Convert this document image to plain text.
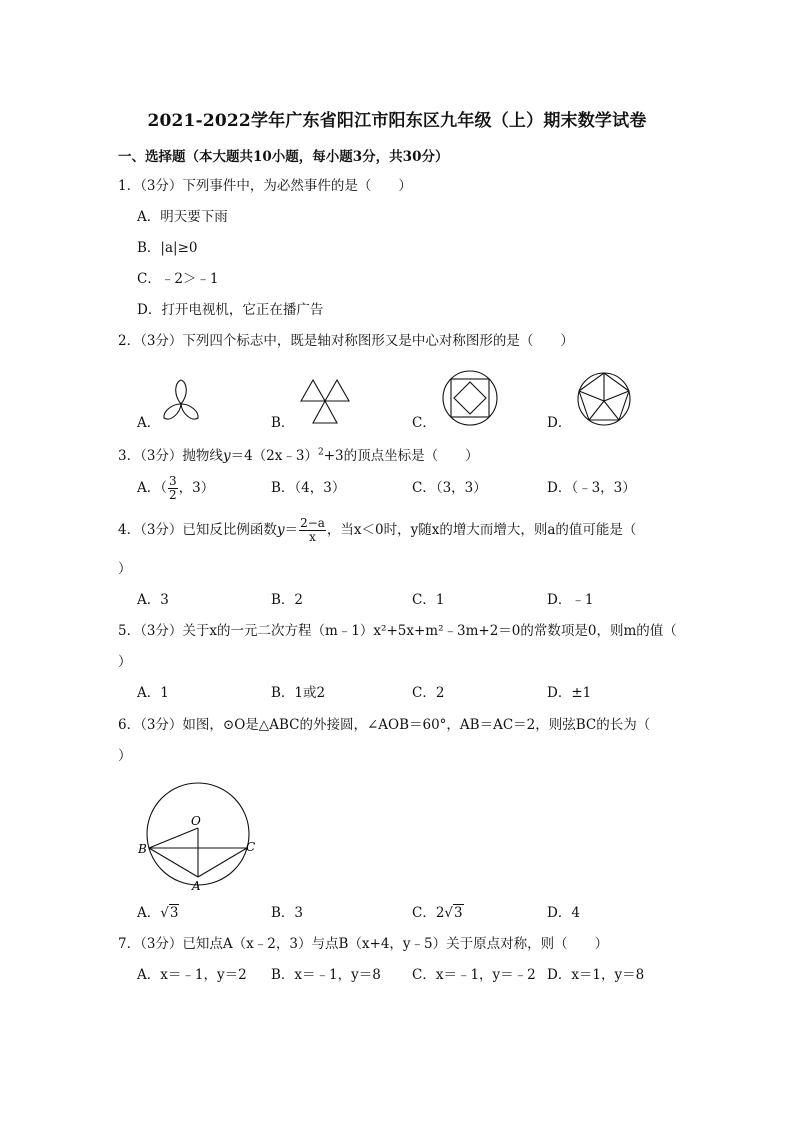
2021-2022学年广东省阳江市阳东区九年级（上）期末数学试卷
一、选择题（本大题共10小题，每小题3分，共30分）
1．（3分）下列事件中，为必然事件的是（　　）
A．明天要下雨
B．|a|≥0
C．﹣2＞﹣1
D．打开电视机，它正在播广告
2．（3分）下列四个标志中，既是轴对称图形又是中心对称图形的是（　　）
A．	B．	C．	D．
3．（3分）抛物线y＝4（2x﹣3）$^2$+3的顶点坐标是（　　）
A．（ $\frac{3}{2}$ ，3）	B．（4，3）	C．（3，3）	D．（﹣3，3）
4．（3分）已知反比例函数$y= \frac{2-a}{x}$ ，当x＜0时，y随x的增大而增大，则a的值可能是（
）
A．3	B．2	C．1	D．﹣1
5．（3分）关于x的一元二次方程（m﹣1）x²+5x+m²﹣3m+2＝0的常数项是0，则m的值（
）
A．1	B．1或2	C．2	D．±1
6．（3分）如图，⊙O是△ABC的外接圆，∠AOB＝60°，AB＝AC＝2，则弦BC的长为（
）
O
B	C
A
A．√3	B．3	C．2√3	D．4
7．（3分）已知点A（x﹣2，3）与点B（x+4，y﹣5）关于原点对称，则（　　）
A．x＝﹣1，y＝2 B．x＝﹣1，y＝8 C．x＝﹣1，y＝﹣2 D．x＝1，y＝8
